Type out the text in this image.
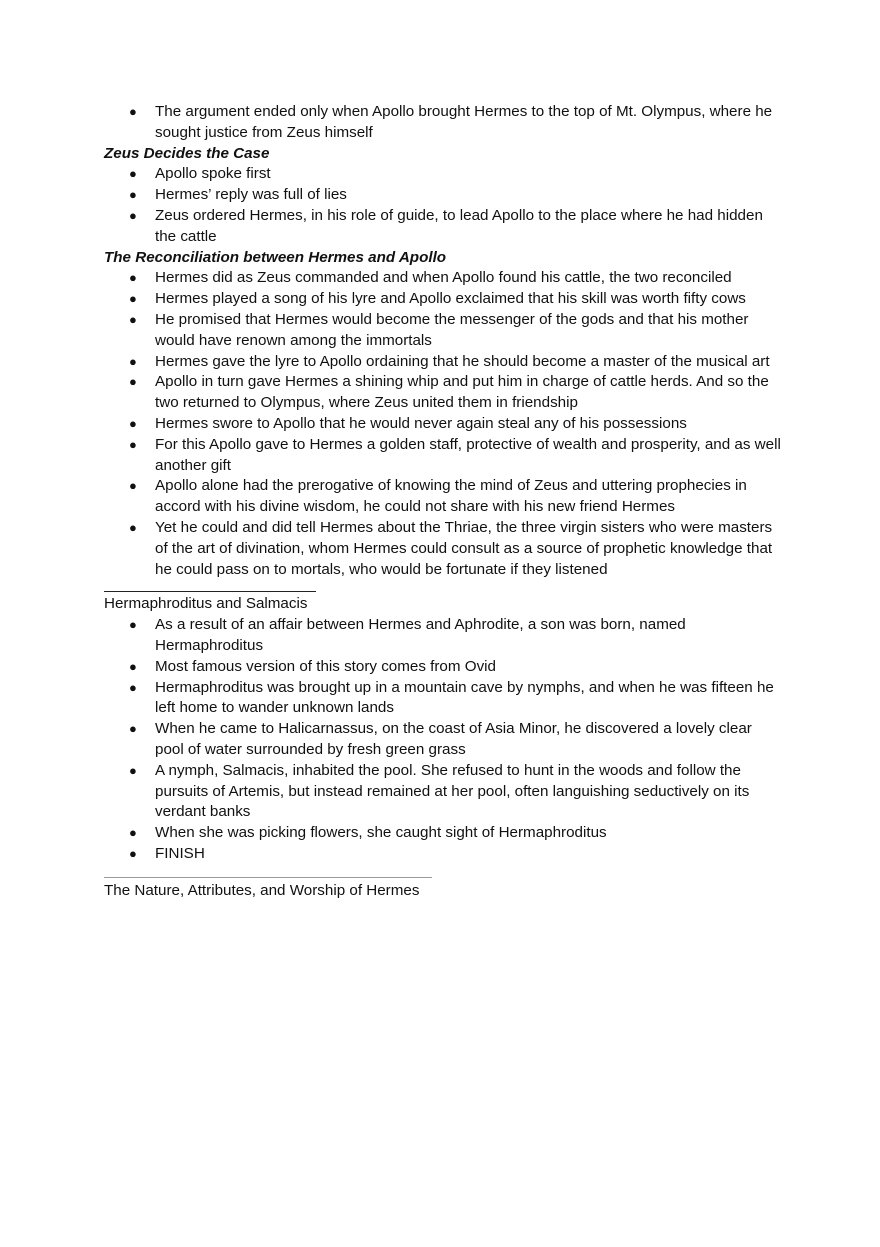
● The argument ended only when Apollo brought Hermes to the top of Mt. Olympus, where he sought justice from Zeus himself

Zeus Decides the Case

● Apollo spoke first
● Hermes’ reply was full of lies
● Zeus ordered Hermes, in his role of guide, to lead Apollo to the place where he had hidden the cattle

The Reconciliation between Hermes and Apollo

● Hermes did as Zeus commanded and when Apollo found his cattle, the two reconciled
● Hermes played a song of his lyre and Apollo exclaimed that his skill was worth fifty cows
● He promised that Hermes would become the messenger of the gods and that his mother would have renown among the immortals
● Hermes gave the lyre to Apollo ordaining that he should become a master of the musical art
● Apollo in turn gave Hermes a shining whip and put him in charge of cattle herds. And so the two returned to Olympus, where Zeus united them in friendship
● Hermes swore to Apollo that he would never again steal any of his possessions
● For this Apollo gave to Hermes a golden staff, protective of wealth and prosperity, and as well another gift
● Apollo alone had the prerogative of knowing the mind of Zeus and uttering prophecies in accord with his divine wisdom, he could not share with his new friend Hermes
● Yet he could and did tell Hermes about the Thriae, the three virgin sisters who were masters of the art of divination, whom Hermes could consult as a source of prophetic knowledge that he could pass on to mortals, who would be fortunate if they listened

Hermaphroditus and Salmacis

● As a result of an affair between Hermes and Aphrodite, a son was born, named Hermaphroditus
● Most famous version of this story comes from Ovid
● Hermaphroditus was brought up in a mountain cave by nymphs, and when he was fifteen he left home to wander unknown lands
● When he came to Halicarnassus, on the coast of Asia Minor, he discovered a lovely clear pool of water surrounded by fresh green grass
● A nymph, Salmacis, inhabited the pool. She refused to hunt in the woods and follow the pursuits of Artemis, but instead remained at her pool, often languishing seductively on its verdant banks
● When she was picking flowers, she caught sight of Hermaphroditus
● FINISH

The Nature, Attributes, and Worship of Hermes
